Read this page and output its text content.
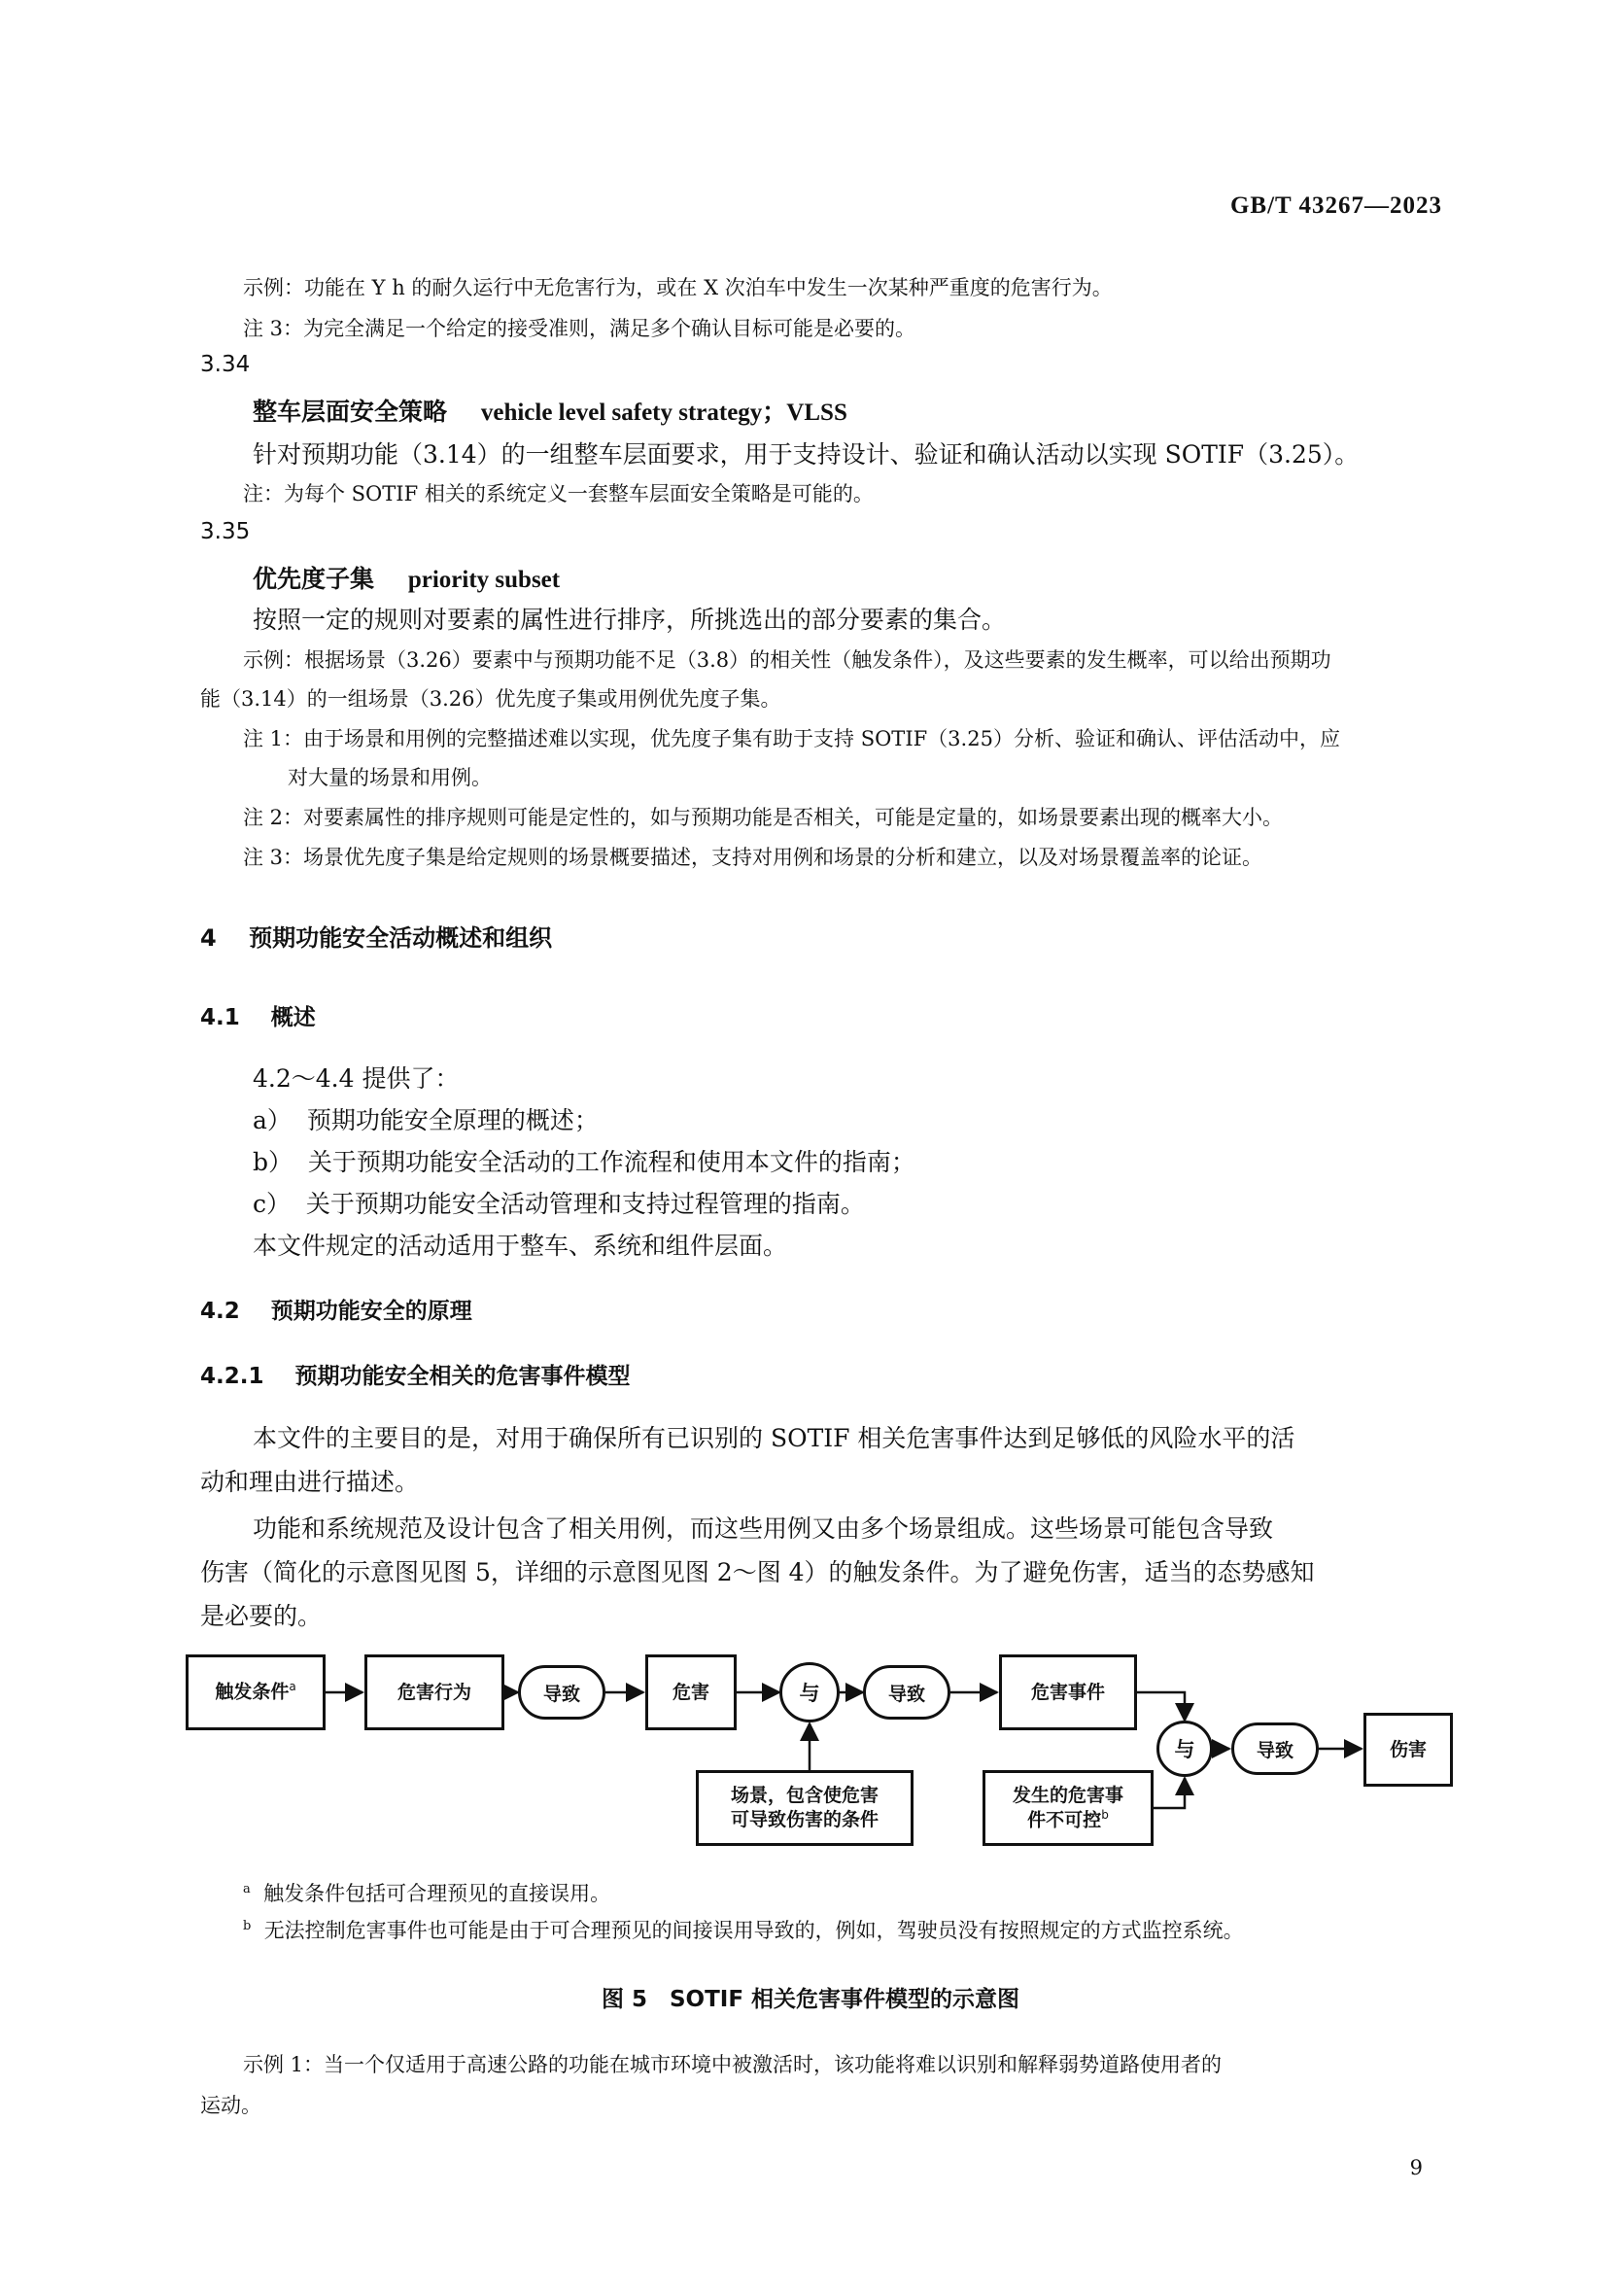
GB/T 43267—2023
示例：功能在 Y h 的耐久运行中无危害行为，或在 X 次泊车中发生一次某种严重度的危害行为。
注 3：为完全满足一个给定的接受准则，满足多个确认目标可能是必要的。
3.34
整车层面安全策略 vehicle level safety strategy；VLSS
针对预期功能（3.14）的一组整车层面要求，用于支持设计、验证和确认活动以实现 SOTIF（3.25）。
注：为每个 SOTIF 相关的系统定义一套整车层面安全策略是可能的。
3.35
优先度子集 priority subset
按照一定的规则对要素的属性进行排序，所挑选出的部分要素的集合。
示例：根据场景（3.26）要素中与预期功能不足（3.8）的相关性（触发条件），及这些要素的发生概率，可以给出预期功
能（3.14）的一组场景（3.26）优先度子集或用例优先度子集。
注 1：由于场景和用例的完整描述难以实现，优先度子集有助于支持 SOTIF（3.25）分析、验证和确认、评估活动中，应
对大量的场景和用例。
注 2：对要素属性的排序规则可能是定性的，如与预期功能是否相关，可能是定量的，如场景要素出现的概率大小。
注 3：场景优先度子集是给定规则的场景概要描述，支持对用例和场景的分析和建立，以及对场景覆盖率的论证。
4 预期功能安全活动概述和组织
4.1 概述
4.2～4.4 提供了：
a） 预期功能安全原理的概述；
b） 关于预期功能安全活动的工作流程和使用本文件的指南；
c） 关于预期功能安全活动管理和支持过程管理的指南。
本文件规定的活动适用于整车、系统和组件层面。
4.2 预期功能安全的原理
4.2.1 预期功能安全相关的危害事件模型
本文件的主要目的是，对用于确保所有已识别的 SOTIF 相关危害事件达到足够低的风险水平的活
动和理由进行描述。
功能和系统规范及设计包含了相关用例，而这些用例又由多个场景组成。这些场景可能包含导致
伤害（简化的示意图见图 5，详细的示意图见图 2～图 4）的触发条件。为了避免伤害，适当的态势感知
是必要的。
触发条件$^a$	危害行为	导致	危害	与	导致	危害事件
与	导致	伤害
场景，包含使危害
可导致伤害的条件
发生的危害事
件不可控$^b$
$^a$ 触发条件包括可合理预见的直接误用。
$^b$ 无法控制危害事件也可能是由于可合理预见的间接误用导致的，例如，驾驶员没有按照规定的方式监控系统。
图 5　SOTIF 相关危害事件模型的示意图
示例 1：当一个仅适用于高速公路的功能在城市环境中被激活时，该功能将难以识别和解释弱势道路使用者的
运动。
9
